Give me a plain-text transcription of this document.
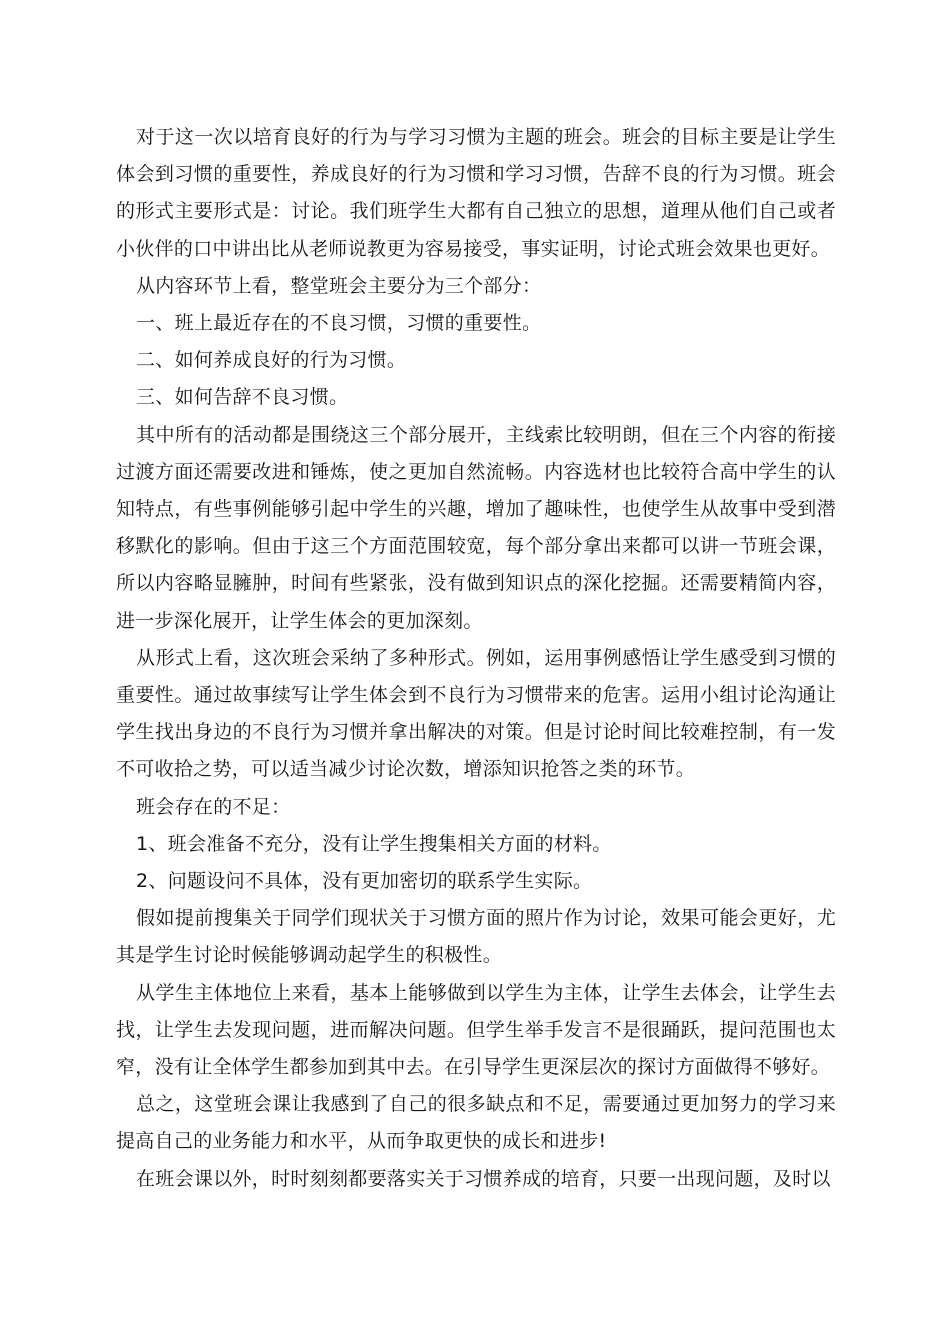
对于这一次以培育良好的行为与学习习惯为主题的班会。班会的目标主要是让学生体会到习惯的重要性，养成良好的行为习惯和学习习惯，告辞不良的行为习惯。班会的形式主要形式是：讨论。我们班学生大都有自己独立的思想，道理从他们自己或者小伙伴的口中讲出比从老师说教更为容易接受，事实证明，讨论式班会效果也更好。

从内容环节上看，整堂班会主要分为三个部分：

一、班上最近存在的不良习惯，习惯的重要性。

二、如何养成良好的行为习惯。

三、如何告辞不良习惯。

其中所有的活动都是围绕这三个部分展开，主线索比较明朗，但在三个内容的衔接过渡方面还需要改进和锤炼，使之更加自然流畅。内容选材也比较符合高中学生的认知特点，有些事例能够引起中学生的兴趣，增加了趣味性，也使学生从故事中受到潜移默化的影响。但由于这三个方面范围较宽，每个部分拿出来都可以讲一节班会课，所以内容略显臃肿，时间有些紧张，没有做到知识点的深化挖掘。还需要精简内容，进一步深化展开，让学生体会的更加深刻。

从形式上看，这次班会采纳了多种形式。例如，运用事例感悟让学生感受到习惯的重要性。通过故事续写让学生体会到不良行为习惯带来的危害。运用小组讨论沟通让学生找出身边的不良行为习惯并拿出解决的对策。但是讨论时间比较难控制，有一发不可收拾之势，可以适当减少讨论次数，增添知识抢答之类的环节。

班会存在的不足：

1、班会准备不充分，没有让学生搜集相关方面的材料。

2、问题设问不具体，没有更加密切的联系学生实际。

假如提前搜集关于同学们现状关于习惯方面的照片作为讨论，效果可能会更好，尤其是学生讨论时候能够调动起学生的积极性。

从学生主体地位上来看，基本上能够做到以学生为主体，让学生去体会，让学生去找，让学生去发现问题，进而解决问题。但学生举手发言不是很踊跃，提问范围也太窄，没有让全体学生都参加到其中去。在引导学生更深层次的探讨方面做得不够好。

总之，这堂班会课让我感到了自己的很多缺点和不足，需要通过更加努力的学习来提高自己的业务能力和水平，从而争取更快的成长和进步!

在班会课以外，时时刻刻都要落实关于习惯养成的培育，只要一出现问题，及时以
